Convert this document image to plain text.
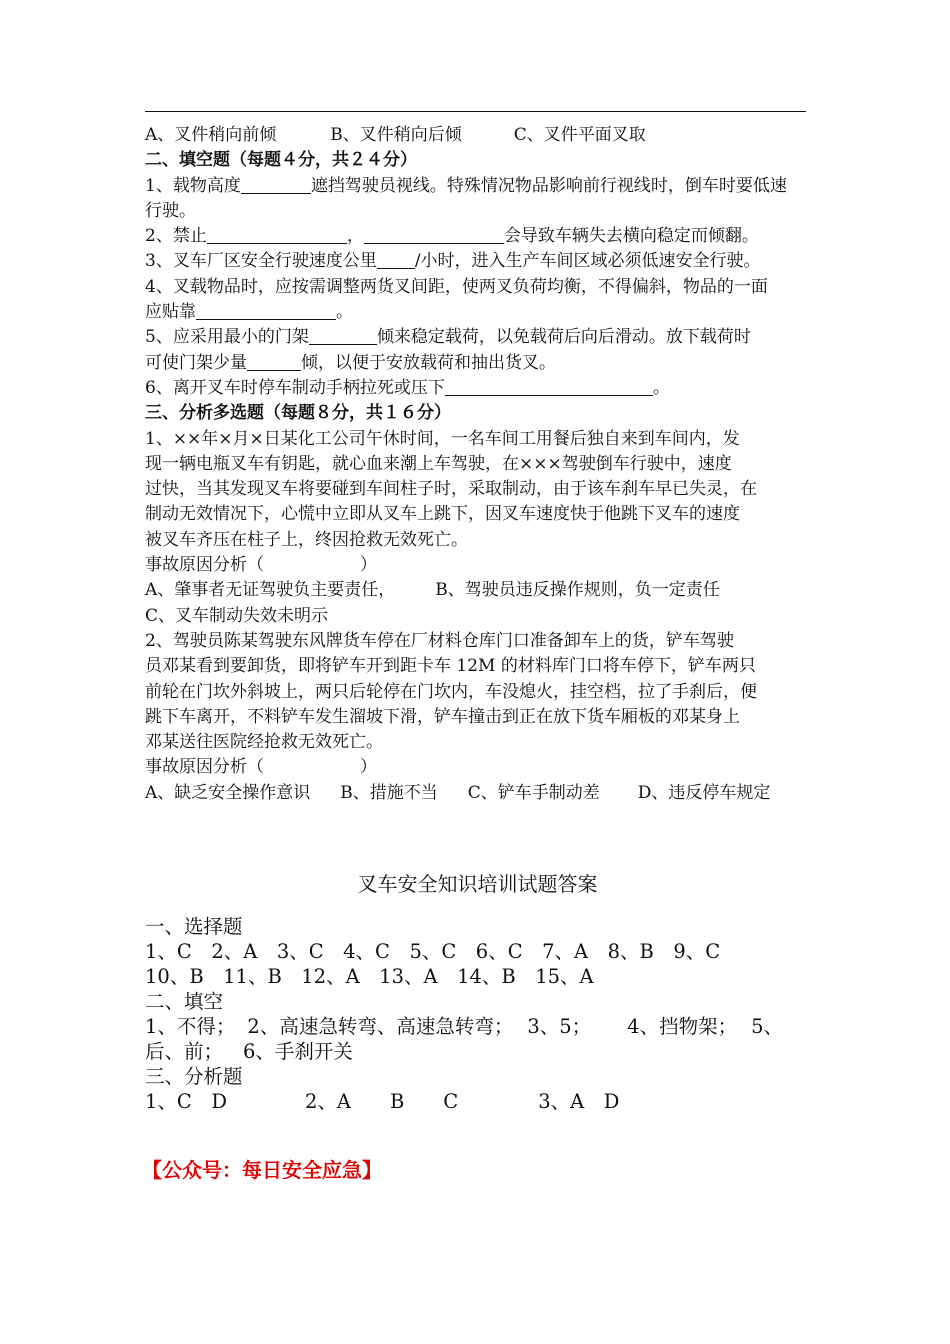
A、叉件稍向前倾	B、叉件稍向后倾	C、叉件平面叉取
二、填空题（每题４分，共２４分）
1、载物高度	遮挡驾驶员视线。特殊情况物品影响前行视线时，倒车时要低速
行驶。
2、禁止	，	会导致车辆失去横向稳定而倾翻。
3、叉车厂区安全行驶速度公里 /小时，进入生产车间区域必须低速安全行驶。
4、叉载物品时，应按需调整两货叉间距，使两叉负荷均衡，不得偏斜，物品的一面
应贴靠	。
5、应采用最小的门架	倾来稳定载荷，以免载荷后向后滑动。放下载荷时
可使门架少量	倾，以便于安放载荷和抽出货叉。
6、离开叉车时停车制动手柄拉死或压下	。
三、分析多选题（每题８分，共１６分）
1、××年×月×日某化工公司午休时间，一名车间工用餐后独自来到车间内，发
现一辆电瓶叉车有钥匙，就心血来潮上车驾驶，在×××驾驶倒车行驶中，速度
过快，当其发现叉车将要碰到车间柱子时，采取制动，由于该车刹车早已失灵，在
制动无效情况下，心慌中立即从叉车上跳下，因叉车速度快于他跳下叉车的速度
被叉车齐压在柱子上，终因抢救无效死亡。
事故原因分析（	）
A、肇事者无证驾驶负主要责任， B、驾驶员违反操作规则，负一定责任
C、叉车制动失效未明示
2、驾驶员陈某驾驶东风牌货车停在厂材料仓库门口准备卸车上的货，铲车驾驶
员邓某看到要卸货，即将铲车开到距卡车 12M 的材料库门口将车停下，铲车两只
前轮在门坎外斜坡上，两只后轮停在门坎内，车没熄火，挂空档，拉了手刹后，便
跳下车离开，不料铲车发生溜坡下滑，铲车撞击到正在放下货车厢板的邓某身上
邓某送往医院经抢救无效死亡。
事故原因分析（	）
A、缺乏安全操作意识 B、措施不当 C、铲车手制动差 D、违反停车规定
叉车安全知识培训试题答案
一、选择题
1、C　2、A　3、C　4、C　5、C　6、C　7、A　8、B　9、C
10、B　11、B　12、A　13、A　14、B　15、A
二、填空
1、不得； 2、高速急转弯、高速急转弯； 3、5； 4、挡物架； 5、
后、前； 6、手刹开关
三、分析题
1、C　D	2、A　　B　　C	3、A　D
【公众号：每日安全应急】
